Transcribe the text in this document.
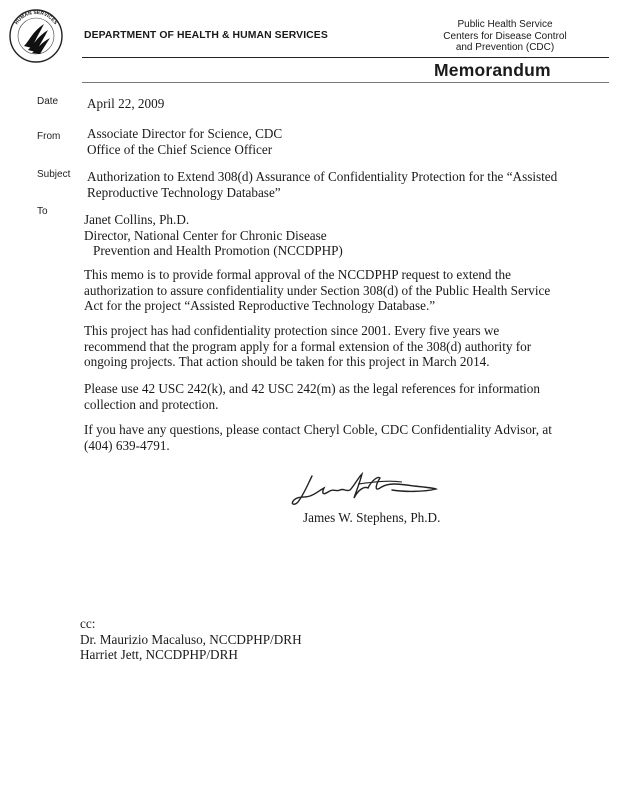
HUMAN SERVICES
DEPARTMENT OF HEALTH & HUMAN SERVICES
Public Health Service
Centers for Disease Control
and Prevention (CDC)
Memorandum
Date April 22, 2009
From Associate Director for Science, CDC
Office of the Chief Science Officer
Subject Authorization to Extend 308(d) Assurance of Confidentiality Protection for the “Assisted
Reproductive Technology Database”
To
Janet Collins, Ph.D.
Director, National Center for Chronic Disease
Prevention and Health Promotion (NCCDPHP)
This memo is to provide formal approval of the NCCDPHP request to extend the
authorization to assure confidentiality under Section 308(d) of the Public Health Service
Act for the project “Assisted Reproductive Technology Database.”
This project has had confidentiality protection since 2001. Every five years we
recommend that the program apply for a formal extension of the 308(d) authority for
ongoing projects. That action should be taken for this project in March 2014.
Please use 42 USC 242(k), and 42 USC 242(m) as the legal references for information
collection and protection.
If you have any questions, please contact Cheryl Coble, CDC Confidentiality Advisor, at
(404) 639-4791.
James W. Stephens, Ph.D.
cc:
Dr. Maurizio Macaluso, NCCDPHP/DRH
Harriet Jett, NCCDPHP/DRH
